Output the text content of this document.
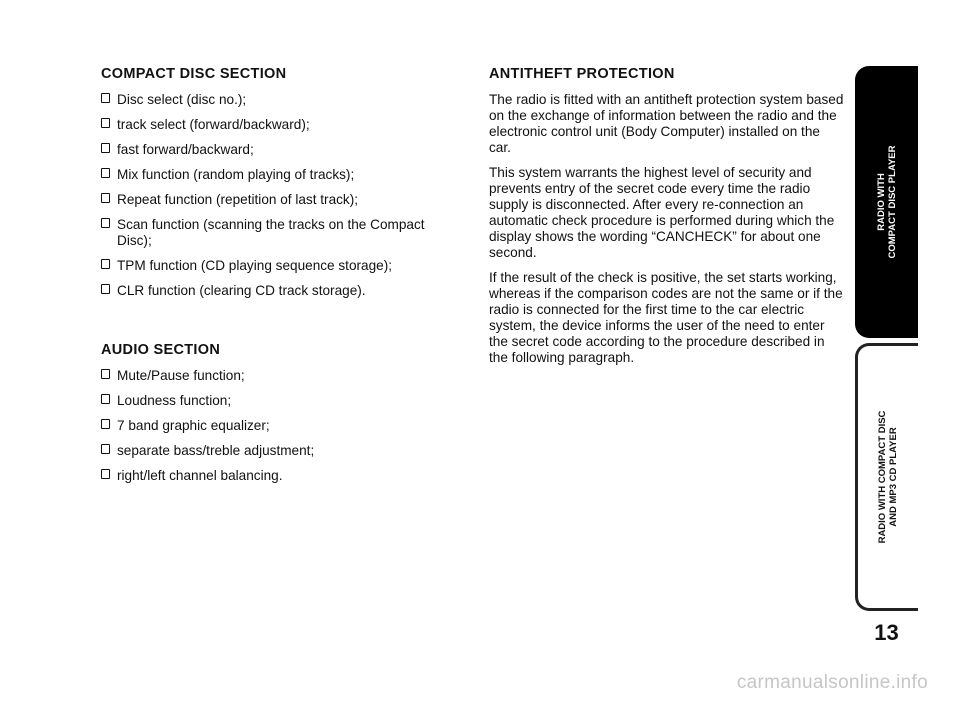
COMPACT DISC SECTION
Disc select (disc no.);
track select (forward/backward);
fast forward/backward;
Mix function (random playing of tracks);
Repeat function (repetition of last track);
Scan function (scanning the tracks on the Compact Disc);
TPM function (CD playing sequence storage);
CLR function (clearing CD track storage).
AUDIO SECTION
Mute/Pause function;
Loudness function;
7 band graphic equalizer;
separate bass/treble adjustment;
right/left channel balancing.
ANTITHEFT PROTECTION

The radio is fitted with an antitheft protection system based on the exchange of information between the radio and the electronic control unit (Body Computer) installed on the car.

This system warrants the highest level of security and prevents entry of the secret code every time the radio supply is disconnected. After every re-connection an automatic check procedure is performed during which the display shows the wording “CANCHECK” for about one second.

If the result of the check is positive, the set starts working, whereas if the comparison codes are not the same or if the radio is connected for the first time to the car electric system, the device informs the user of the need to enter the secret code according to the procedure described in the following paragraph.

RADIO WITH COMPACT DISC PLAYER
RADIO WITH COMPACT DISC AND MP3 CD PLAYER
13
carmanualsonline.info
